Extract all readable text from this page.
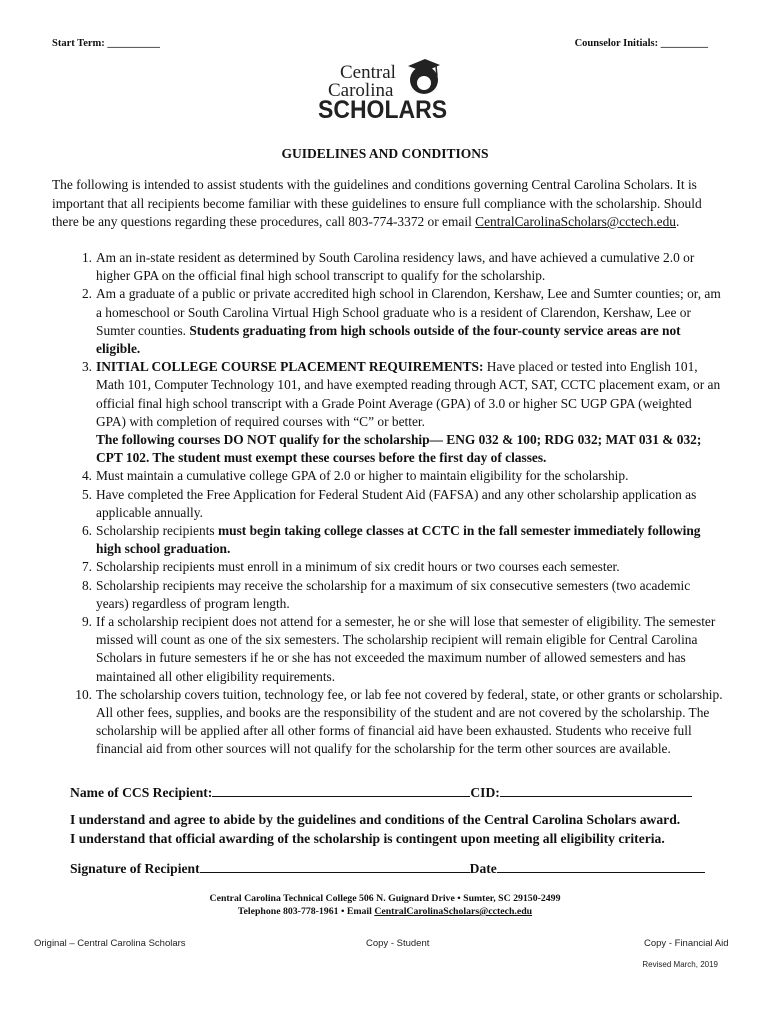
Start Term: __________	Counselor Initials: _________
Central
Carolina
SCHOLARS
GUIDELINES AND CONDITIONS
The following is intended to assist students with the guidelines and conditions governing Central Carolina Scholars. It is important that all recipients become familiar with these guidelines to ensure full compliance with the scholarship. Should there be any questions regarding these procedures, call 803-774-3372 or email CentralCarolinaScholars@cctech.edu.
1. Am an in-state resident as determined by South Carolina residency laws, and have achieved a cumulative 2.0 or higher GPA on the official final high school transcript to qualify for the scholarship.
2. Am a graduate of a public or private accredited high school in Clarendon, Kershaw, Lee and Sumter counties; or, am a homeschool or South Carolina Virtual High School graduate who is a resident of Clarendon, Kershaw, Lee or Sumter counties. Students graduating from high schools outside of the four-county service areas are not eligible.
3. INITIAL COLLEGE COURSE PLACEMENT REQUIREMENTS: Have placed or tested into English 101, Math 101, Computer Technology 101, and have exempted reading through ACT, SAT, CCTC placement exam, or an official final high school transcript with a Grade Point Average (GPA) of 3.0 or higher SC UGP GPA (weighted GPA) with completion of required courses with “C” or better.
The following courses DO NOT qualify for the scholarship— ENG 032 & 100; RDG 032; MAT 031 & 032; CPT 102. The student must exempt these courses before the first day of classes.
4. Must maintain a cumulative college GPA of 2.0 or higher to maintain eligibility for the scholarship.
5. Have completed the Free Application for Federal Student Aid (FAFSA) and any other scholarship application as applicable annually.
6. Scholarship recipients must begin taking college classes at CCTC in the fall semester immediately following high school graduation.
7. Scholarship recipients must enroll in a minimum of six credit hours or two courses each semester.
8. Scholarship recipients may receive the scholarship for a maximum of six consecutive semesters (two academic years) regardless of program length.
9. If a scholarship recipient does not attend for a semester, he or she will lose that semester of eligibility. The semester missed will count as one of the six semesters. The scholarship recipient will remain eligible for Central Carolina Scholars in future semesters if he or she has not exceeded the maximum number of allowed semesters and has maintained all other eligibility requirements.
10. The scholarship covers tuition, technology fee, or lab fee not covered by federal, state, or other grants or scholarship. All other fees, supplies, and books are the responsibility of the student and are not covered by the scholarship. The scholarship will be applied after all other forms of financial aid have been exhausted. Students who receive full financial aid from other sources will not qualify for the scholarship for the term other sources are available.
Name of CCS Recipient:	CID:
I understand and agree to abide by the guidelines and conditions of the Central Carolina Scholars award.
I understand that official awarding of the scholarship is contingent upon meeting all eligibility criteria.
Signature of Recipient	Date
Central Carolina Technical College 506 N. Guignard Drive • Sumter, SC 29150-2499
Telephone 803-778-1961 • Email CentralCarolinaScholars@cctech.edu
Original – Central Carolina Scholars	Copy - Student	Copy - Financial Aid
Revised March, 2019
